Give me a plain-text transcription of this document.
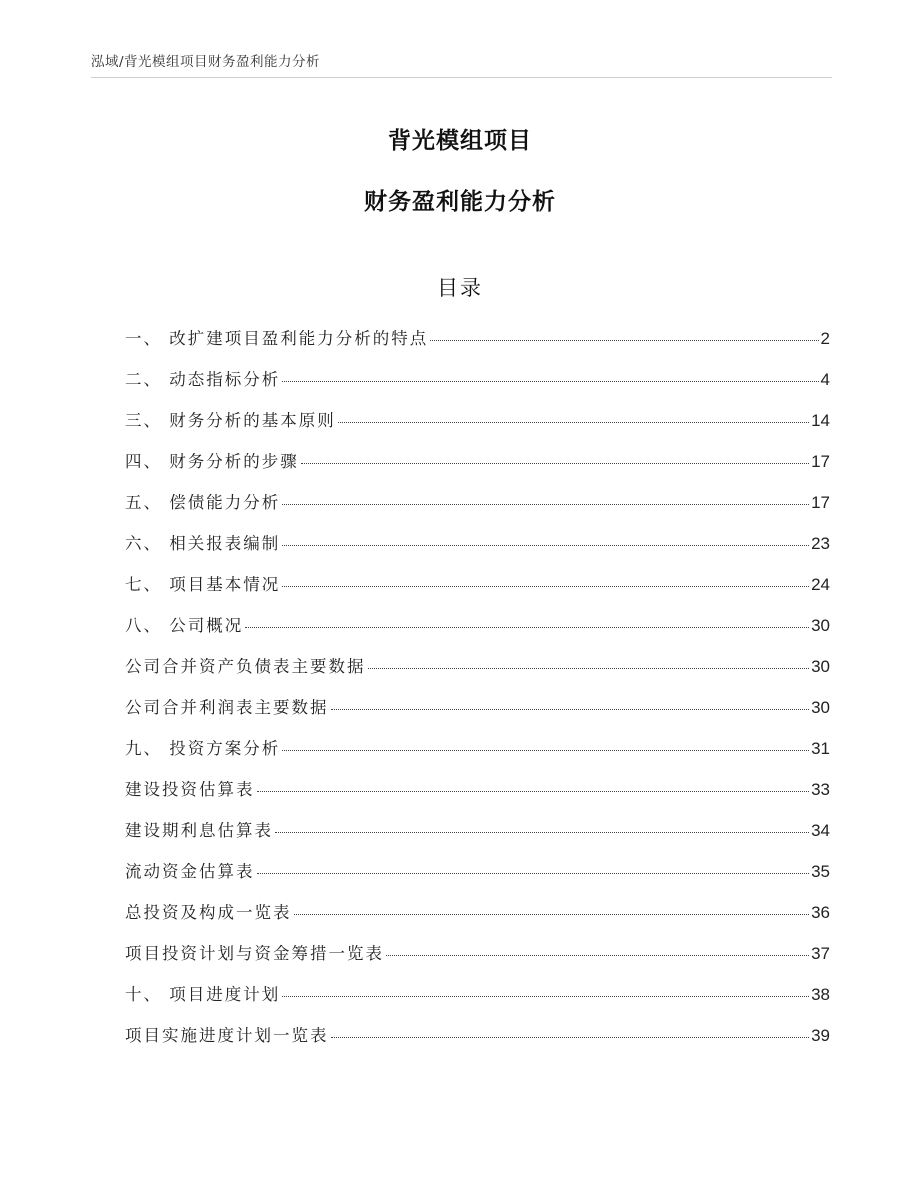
泓域/背光模组项目财务盈利能力分析
背光模组项目
财务盈利能力分析
目录
一、 改扩建项目盈利能力分析的特点	2
二、 动态指标分析	4
三、 财务分析的基本原则	14
四、 财务分析的步骤	17
五、 偿债能力分析	17
六、 相关报表编制	23
七、 项目基本情况	24
八、 公司概况	30
公司合并资产负债表主要数据	30
公司合并利润表主要数据	30
九、 投资方案分析	31
建设投资估算表	33
建设期利息估算表	34
流动资金估算表	35
总投资及构成一览表	36
项目投资计划与资金筹措一览表	37
十、 项目进度计划	38
项目实施进度计划一览表	39
